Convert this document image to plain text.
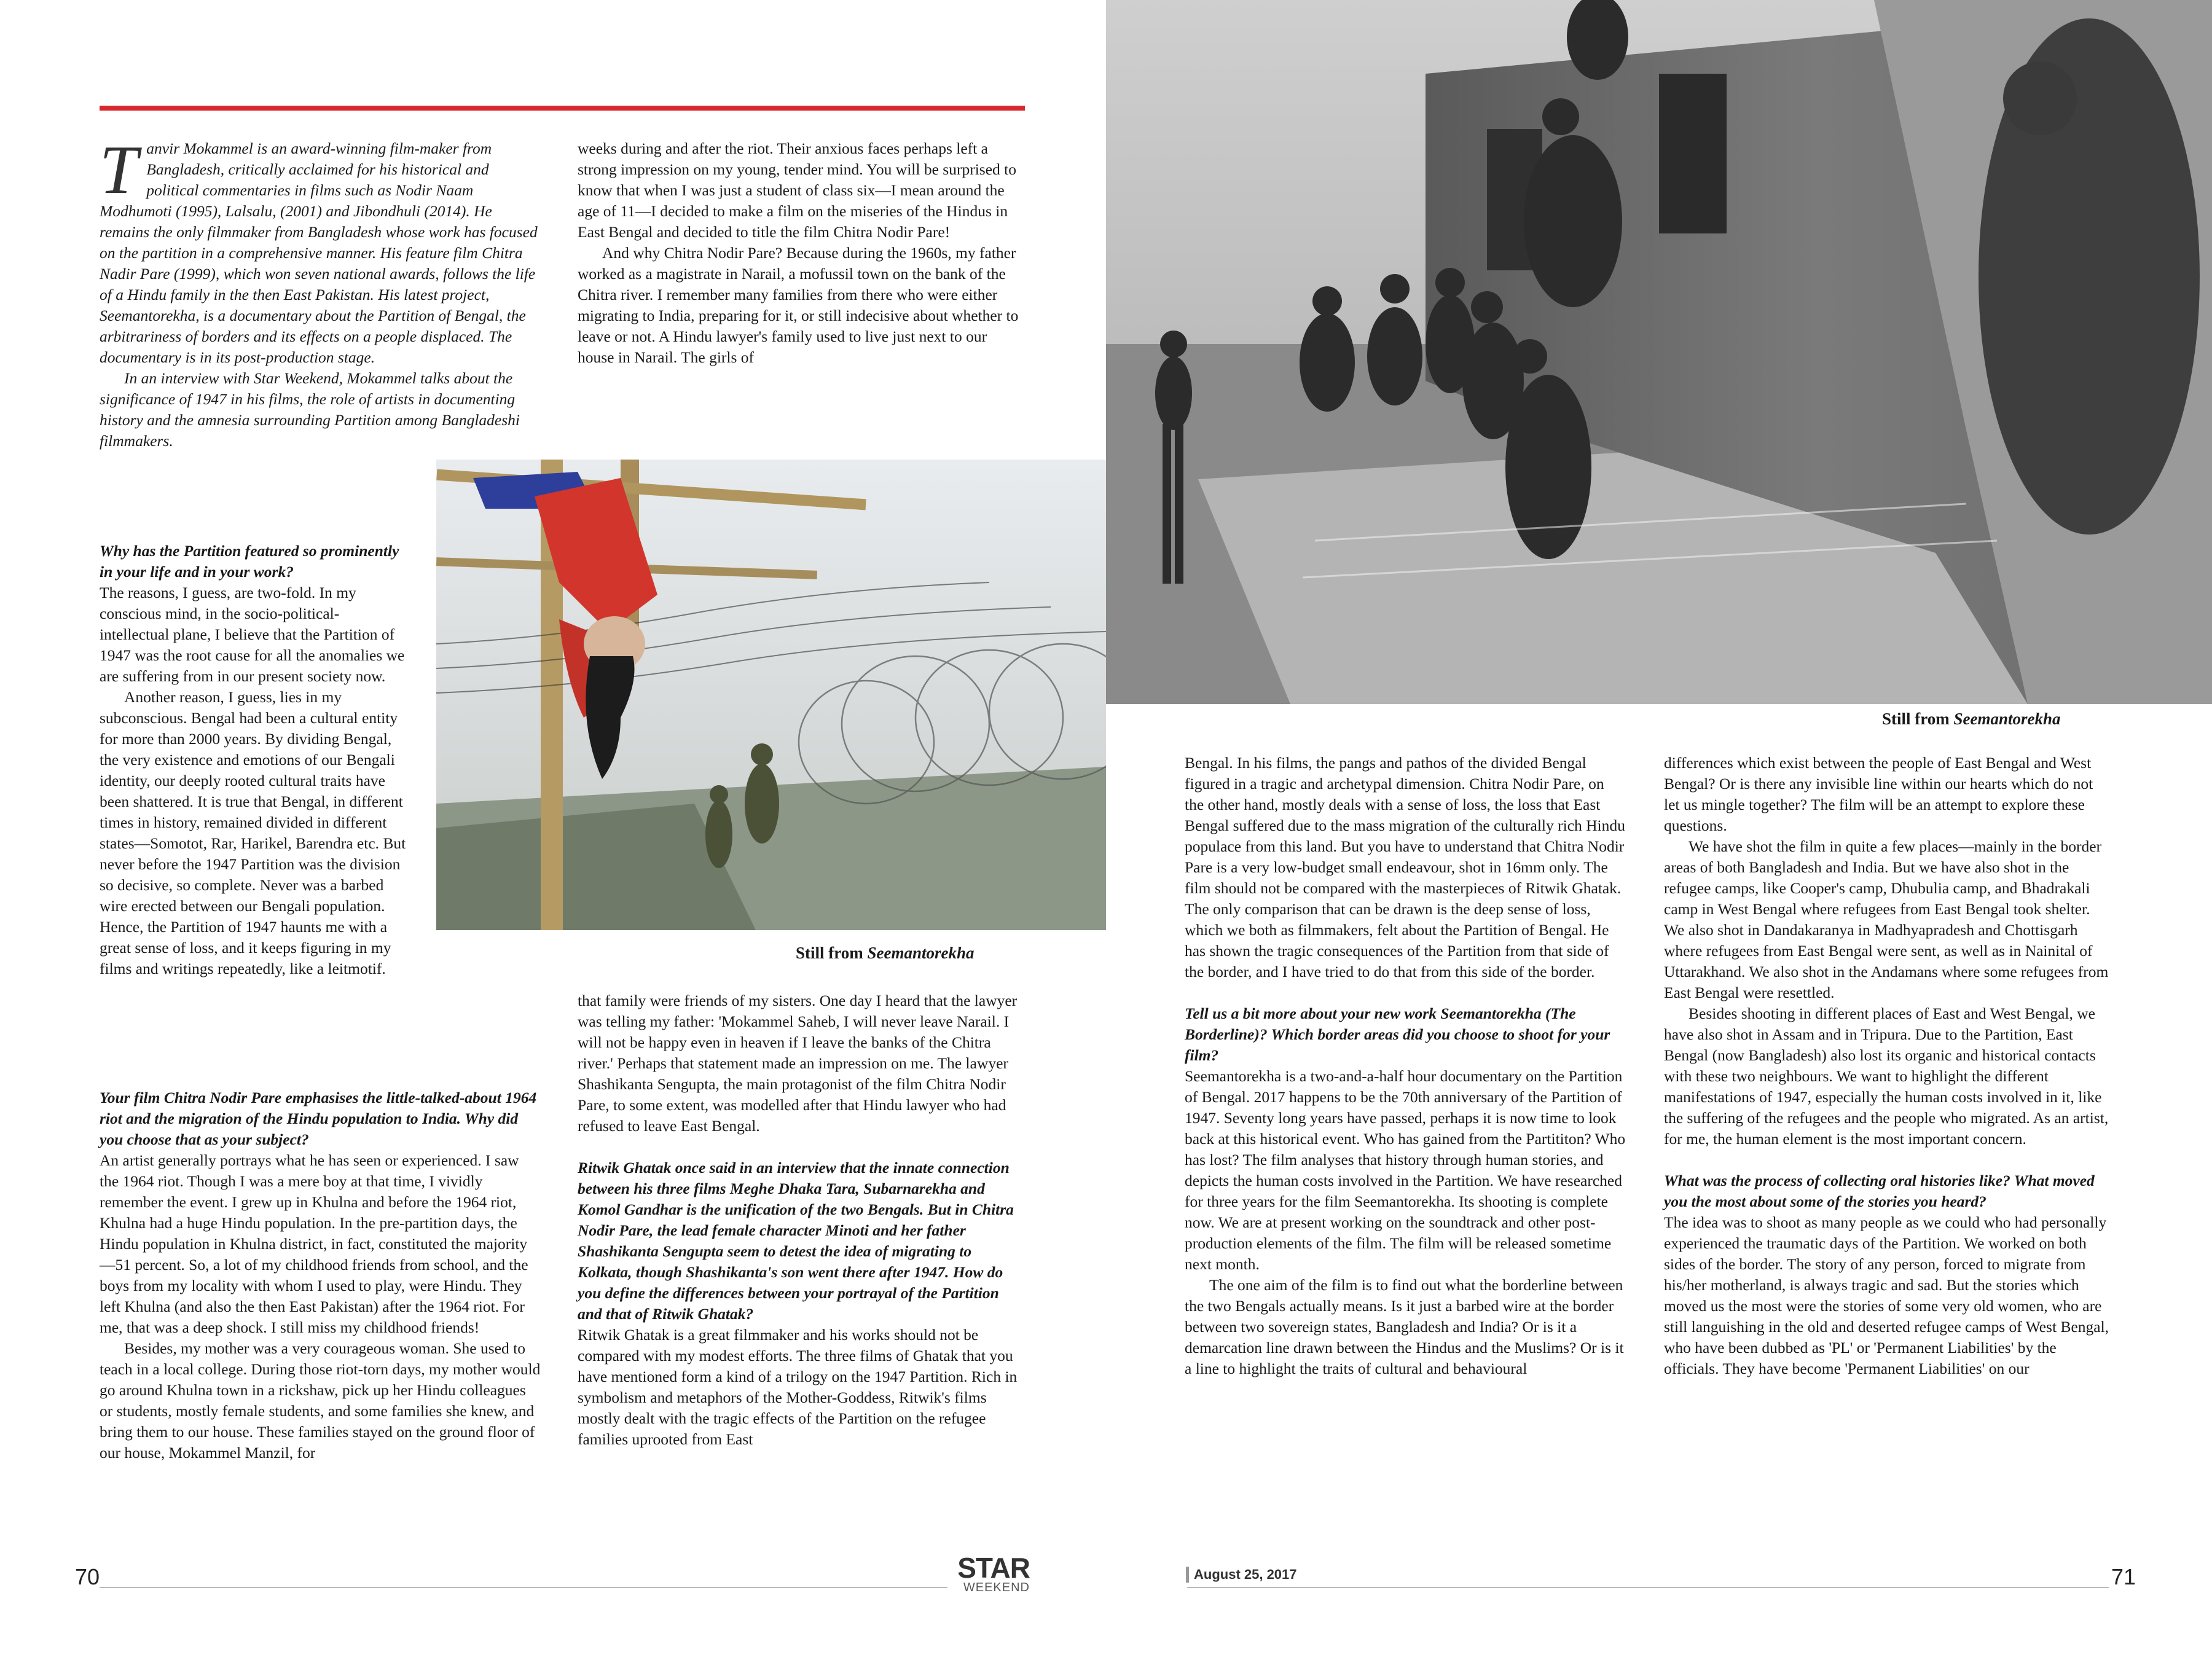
Still from Seemantorekha
Still from Seemantorekha

Tanvir Mokammel is an award-winning film-maker from Bangladesh, critically acclaimed for his historical and political commentaries in films such as Nodir Naam Modhumoti (1995), Lalsalu, (2001) and Jibondhuli (2014). He remains the only filmmaker from Bangladesh whose work has focused on the partition in a comprehensive manner. His feature film Chitra Nadir Pare (1999), which won seven national awards, follows the life of a Hindu family in the then East Pakistan. His latest project, Seemantorekha, is a documentary about the Partition of Bengal, the arbitrariness of borders and its effects on a people displaced. The documentary is in its post-production stage.

In an interview with Star Weekend, Mokammel talks about the significance of 1947 in his films, the role of artists in documenting history and the amnesia surrounding Partition among Bangladeshi filmmakers.

Why has the Partition featured so prominently in your life and in your work?

The reasons, I guess, are two-fold. In my conscious mind, in the socio-political-intellectual plane, I believe that the Partition of 1947 was the root cause for all the anomalies we are suffering from in our present society now.

Another reason, I guess, lies in my subconscious. Bengal had been a cultural entity for more than 2000 years. By dividing Bengal, the very existence and emotions of our Bengali identity, our deeply rooted cultural traits have been shattered. It is true that Bengal, in different times in history, remained divided in different states—Somotot, Rar, Harikel, Barendra etc. But never before the 1947 Partition was the division so decisive, so complete. Never was a barbed wire erected between our Bengali population. Hence, the Partition of 1947 haunts me with a great sense of loss, and it keeps figuring in my films and writings repeatedly, like a leitmotif.

Your film Chitra Nodir Pare emphasises the little-talked-about 1964 riot and the migration of the Hindu population to India. Why did you choose that as your subject?

An artist generally portrays what he has seen or experienced. I saw the 1964 riot. Though I was a mere boy at that time, I vividly remember the event. I grew up in Khulna and before the 1964 riot, Khulna had a huge Hindu population. In the pre-partition days, the Hindu population in Khulna district, in fact, constituted the majority—51 percent. So, a lot of my childhood friends from school, and the boys from my locality with whom I used to play, were Hindu. They left Khulna (and also the then East Pakistan) after the 1964 riot. For me, that was a deep shock. I still miss my childhood friends!

Besides, my mother was a very courageous woman. She used to teach in a local college. During those riot-torn days, my mother would go around Khulna town in a rickshaw, pick up her Hindu colleagues or students, mostly female students, and some families she knew, and bring them to our house. These families stayed on the ground floor of our house, Mokammel Manzil, for

weeks during and after the riot. Their anxious faces perhaps left a strong impression on my young, tender mind. You will be surprised to know that when I was just a student of class six—I mean around the age of 11—I decided to make a film on the miseries of the Hindus in East Bengal and decided to title the film Chitra Nodir Pare!

And why Chitra Nodir Pare? Because during the 1960s, my father worked as a magistrate in Narail, a mofussil town on the bank of the Chitra river. I remember many families from there who were either migrating to India, preparing for it, or still indecisive about whether to leave or not. A Hindu lawyer's family used to live just next to our house in Narail. The girls of

that family were friends of my sisters. One day I heard that the lawyer was telling my father: 'Mokammel Saheb, I will never leave Narail. I will not be happy even in heaven if I leave the banks of the Chitra river.' Perhaps that statement made an impression on me. The lawyer Shashikanta Sengupta, the main protagonist of the film Chitra Nodir Pare, to some extent, was modelled after that Hindu lawyer who had refused to leave East Bengal.

Ritwik Ghatak once said in an interview that the innate connection between his three films Meghe Dhaka Tara, Subarnarekha and Komol Gandhar is the unification of the two Bengals. But in Chitra Nodir Pare, the lead female character Minoti and her father Shashikanta Sengupta seem to detest the idea of migrating to Kolkata, though Shashikanta's son went there after 1947. How do you define the differences between your portrayal of the Partition and that of Ritwik Ghatak?

Ritwik Ghatak is a great filmmaker and his works should not be compared with my modest efforts. The three films of Ghatak that you have mentioned form a kind of a trilogy on the 1947 Partition. Rich in symbolism and metaphors of the Mother-Goddess, Ritwik's films mostly dealt with the tragic effects of the Partition on the refugee families uprooted from East

Bengal. In his films, the pangs and pathos of the divided Bengal figured in a tragic and archetypal dimension. Chitra Nodir Pare, on the other hand, mostly deals with a sense of loss, the loss that East Bengal suffered due to the mass migration of the culturally rich Hindu populace from this land. But you have to understand that Chitra Nodir Pare is a very low-budget small endeavour, shot in 16mm only. The film should not be compared with the masterpieces of Ritwik Ghatak. The only comparison that can be drawn is the deep sense of loss, which we both as filmmakers, felt about the Partition of Bengal. He has shown the tragic consequences of the Partition from that side of the border, and I have tried to do that from this side of the border.

Tell us a bit more about your new work Seemantorekha (The Borderline)? Which border areas did you choose to shoot for your film?

Seemantorekha is a two-and-a-half hour documentary on the Partition of Bengal. 2017 happens to be the 70th anniversary of the Partition of 1947. Seventy long years have passed, perhaps it is now time to look back at this historical event. Who has gained from the Partititon? Who has lost? The film analyses that history through human stories, and depicts the human costs involved in the Partition. We have researched for three years for the film Seemantorekha. Its shooting is complete now. We are at present working on the soundtrack and other post-production elements of the film. The film will be released sometime next month.

The one aim of the film is to find out what the borderline between the two Bengals actually means. Is it just a barbed wire at the border between two sovereign states, Bangladesh and India? Or is it a demarcation line drawn between the Hindus and the Muslims? Or is it a line to highlight the traits of cultural and behavioural

differences which exist between the people of East Bengal and West Bengal? Or is there any invisible line within our hearts which do not let us mingle together? The film will be an attempt to explore these questions.

We have shot the film in quite a few places—mainly in the border areas of both Bangladesh and India. But we have also shot in the refugee camps, like Cooper's camp, Dhubulia camp, and Bhadrakali camp in West Bengal where refugees from East Bengal took shelter. We also shot in Dandakaranya in Madhyapradesh and Chottisgarh where refugees from East Bengal were sent, as well as in Nainital of Uttarakhand. We also shot in the Andamans where some refugees from East Bengal were resettled.

Besides shooting in different places of East and West Bengal, we have also shot in Assam and in Tripura. Due to the Partition, East Bengal (now Bangladesh) also lost its organic and historical contacts with these two neighbours. We want to highlight the different manifestations of 1947, especially the human costs involved in it, like the suffering of the refugees and the people who migrated. As an artist, for me, the human element is the most important concern.

What was the process of collecting oral histories like? What moved you the most about some of the stories you heard?

The idea was to shoot as many people as we could who had personally experienced the traumatic days of the Partition. We worked on both sides of the border. The story of any person, forced to migrate from his/her motherland, is always tragic and sad. But the stories which moved us the most were the stories of some very old women, who are still languishing in the old and deserted refugee camps of West Bengal, who have been dubbed as 'PL' or 'Permanent Liabilities' by the officials. They have become 'Permanent Liabilities' on our

70	71
STAR
WEEKEND
August 25, 2017
